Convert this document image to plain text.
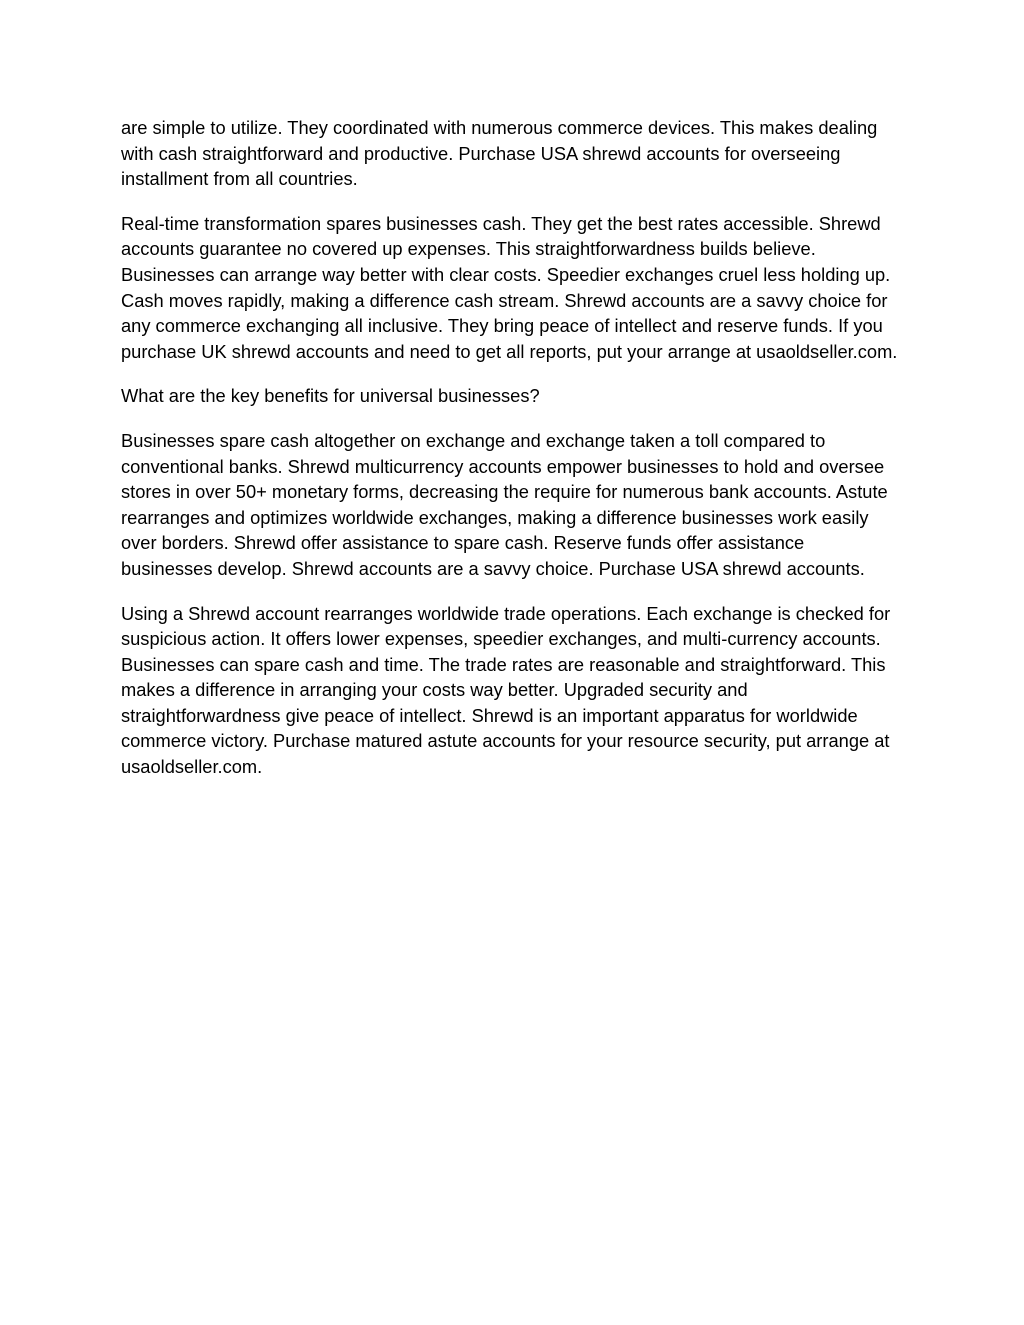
are simple to utilize. They coordinated with numerous commerce devices. This makes dealing
with cash straightforward and productive. Purchase USA shrewd accounts for overseeing
installment from all countries.

Real-time transformation spares businesses cash. They get the best rates accessible. Shrewd
accounts guarantee no covered up expenses. This straightforwardness builds believe.
Businesses can arrange way better with clear costs. Speedier exchanges cruel less holding up.
Cash moves rapidly, making a difference cash stream. Shrewd accounts are a savvy choice for
any commerce exchanging all inclusive. They bring peace of intellect and reserve funds. If you
purchase UK shrewd accounts and need to get all reports, put your arrange at usaoldseller.com.

What are the key benefits for universal businesses?

Businesses spare cash altogether on exchange and exchange taken a toll compared to
conventional banks. Shrewd multicurrency accounts empower businesses to hold and oversee
stores in over 50+ monetary forms, decreasing the require for numerous bank accounts. Astute
rearranges and optimizes worldwide exchanges, making a difference businesses work easily
over borders. Shrewd offer assistance to spare cash. Reserve funds offer assistance
businesses develop. Shrewd accounts are a savvy choice. Purchase USA shrewd accounts.

Using a Shrewd account rearranges worldwide trade operations. Each exchange is checked for
suspicious action. It offers lower expenses, speedier exchanges, and multi-currency accounts.
Businesses can spare cash and time. The trade rates are reasonable and straightforward. This
makes a difference in arranging your costs way better. Upgraded security and
straightforwardness give peace of intellect. Shrewd is an important apparatus for worldwide
commerce victory. Purchase matured astute accounts for your resource security, put arrange at
usaoldseller.com.
